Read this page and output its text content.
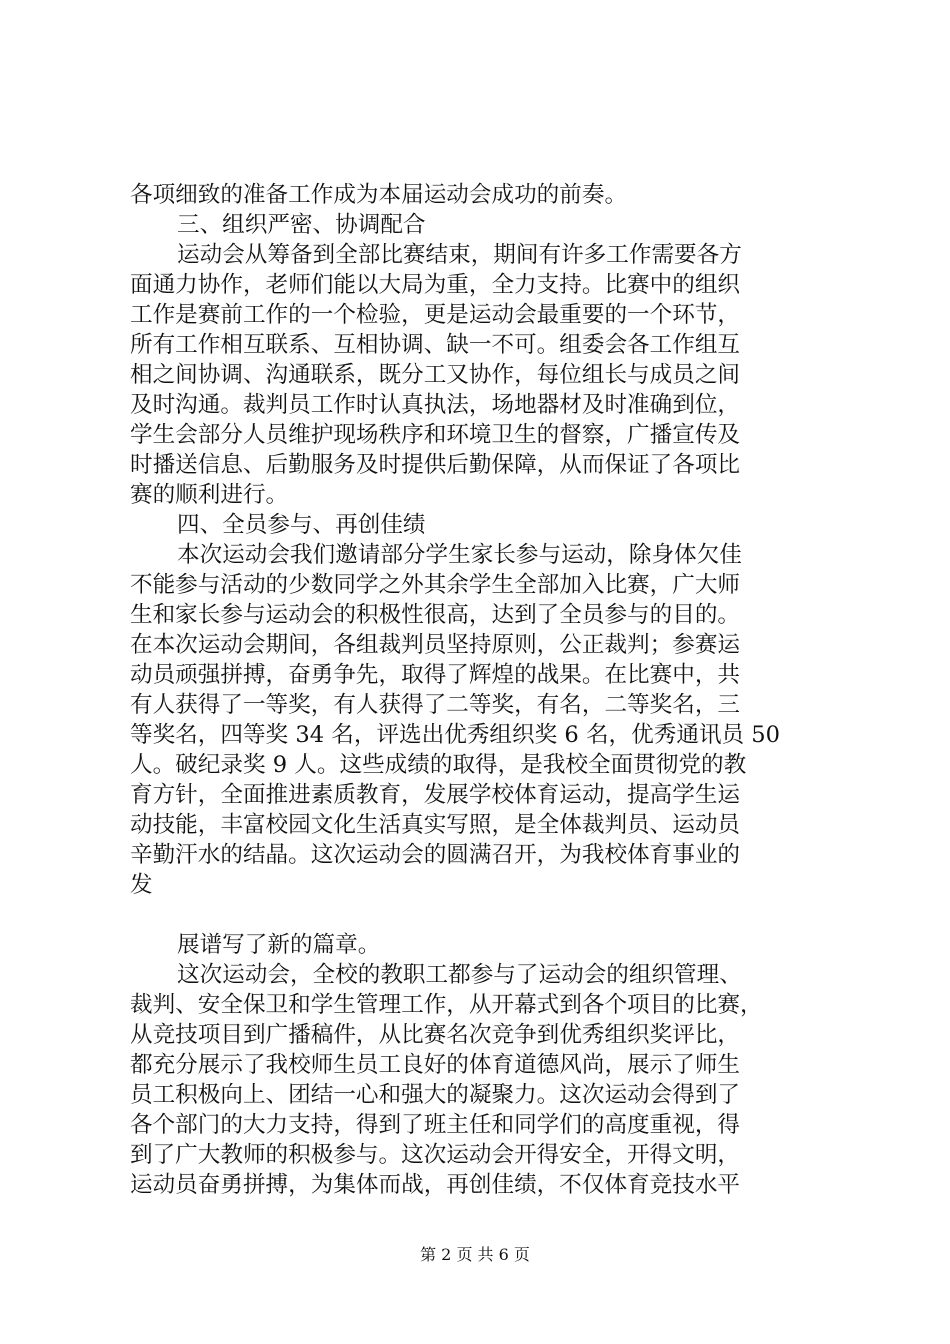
各项细致的准备工作成为本届运动会成功的前奏。
三、组织严密、协调配合
运动会从筹备到全部比赛结束，期间有许多工作需要各方
面通力协作，老师们能以大局为重，全力支持。比赛中的组织
工作是赛前工作的一个检验，更是运动会最重要的一个环节，
所有工作相互联系、互相协调、缺一不可。组委会各工作组互
相之间协调、沟通联系，既分工又协作，每位组长与成员之间
及时沟通。裁判员工作时认真执法，场地器材及时准确到位，
学生会部分人员维护现场秩序和环境卫生的督察，广播宣传及
时播送信息、后勤服务及时提供后勤保障，从而保证了各项比
赛的顺利进行。
四、全员参与、再创佳绩
本次运动会我们邀请部分学生家长参与运动，除身体欠佳
不能参与活动的少数同学之外其余学生全部加入比赛，广大师
生和家长参与运动会的积极性很高，达到了全员参与的目的。
在本次运动会期间，各组裁判员坚持原则，公正裁判；参赛运
动员顽强拼搏，奋勇争先，取得了辉煌的战果。在比赛中，共
有人获得了一等奖，有人获得了二等奖，有名，二等奖名，三
等奖名，四等奖 34 名，评选出优秀组织奖 6 名，优秀通讯员 50
人。破纪录奖 9 人。这些成绩的取得，是我校全面贯彻党的教
育方针，全面推进素质教育，发展学校体育运动，提高学生运
动技能，丰富校园文化生活真实写照，是全体裁判员、运动员
辛勤汗水的结晶。这次运动会的圆满召开，为我校体育事业的
发
展谱写了新的篇章。
这次运动会，全校的教职工都参与了运动会的组织管理、
裁判、安全保卫和学生管理工作，从开幕式到各个项目的比赛，
从竞技项目到广播稿件，从比赛名次竞争到优秀组织奖评比，
都充分展示了我校师生员工良好的体育道德风尚，展示了师生
员工积极向上、团结一心和强大的凝聚力。这次运动会得到了
各个部门的大力支持，得到了班主任和同学们的高度重视，得
到了广大教师的积极参与。这次运动会开得安全，开得文明，
运动员奋勇拼搏，为集体而战，再创佳绩，不仅体育竞技水平
第 2 页 共 6 页
